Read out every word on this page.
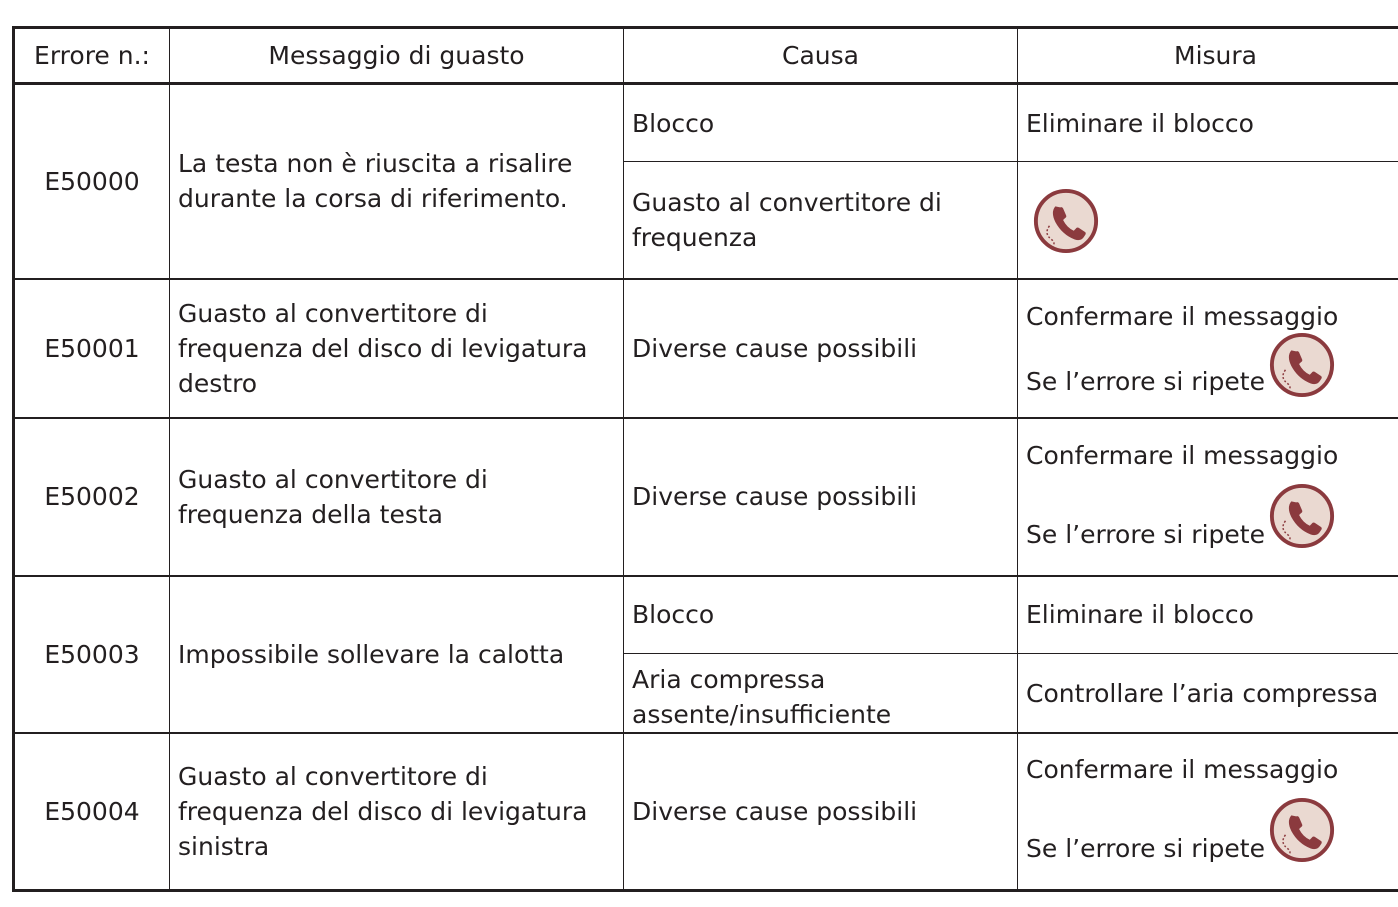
Errore n.:	Messaggio di guasto	Causa	Misura
E50000	La testa non è riuscita a risalire durante la corsa di riferimento.	Blocco	Eliminare il blocco
		Guasto al convertitore di frequenza	
E50001	Guasto al convertitore di frequenza del disco di levigatura destro	Diverse cause possibili	Confermare il messaggio
Se l’errore si ripete

E50002	Guasto al convertitore di frequenza della testa	Diverse cause possibili	Confermare il messaggio
Se l’errore si ripete

E50003	Impossibile sollevare la calotta	Blocco	Eliminare il blocco

		Aria compressa assente/insufficiente	Controllare l’aria compressa
E50004	Guasto al convertitore di frequenza del disco di levigatura sinistra	Diverse cause possibili	Confermare il messaggio
Se l’errore si ripete
